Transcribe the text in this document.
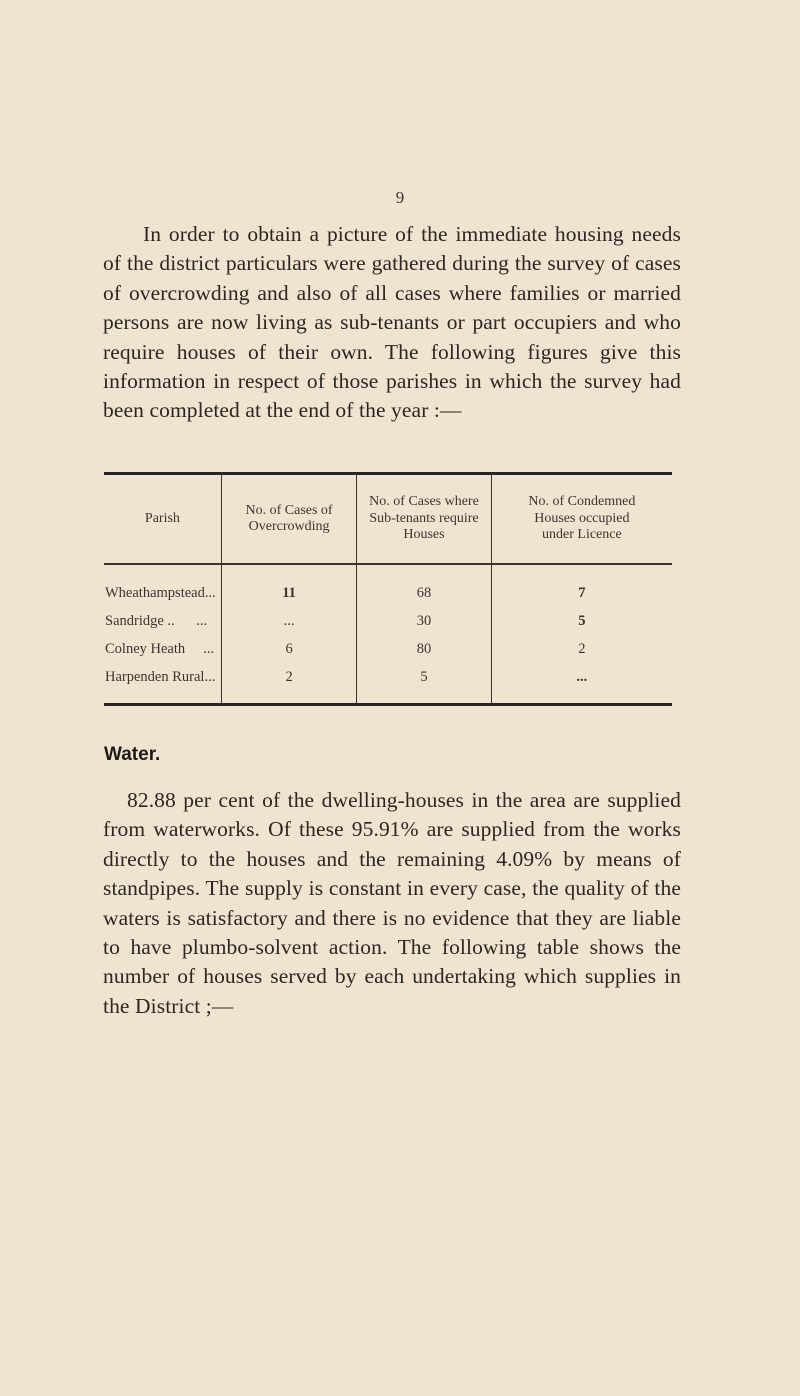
9

In order to obtain a picture of the immediate housing needs of the district particulars were gathered during the survey of cases of overcrowding and also of all cases where families or married persons are now living as sub-tenants or part occupiers and who require houses of their own. The following figures give this information in respect of those parishes in which the survey had been completed at the end of the year :—

Parish	No. of Cases of Overcrowding	No. of Cases where Sub-tenants require Houses	No. of Condemned Houses occupied under Licence
Wheathampstead...	11	68	7
Sandridge ..      ...	...	30	5
Colney Heath     ...	6	80	2
Harpenden Rural...	2	5	...
Water.

82.88 per cent of the dwelling-houses in the area are supplied from waterworks. Of these 95.91% are supplied from the works directly to the houses and the remaining 4.09% by means of standpipes. The supply is constant in every case, the quality of the waters is satisfactory and there is no evidence that they are liable to have plumbo-solvent action. The following table shows the number of houses served by each undertaking which supplies in the District ;—
